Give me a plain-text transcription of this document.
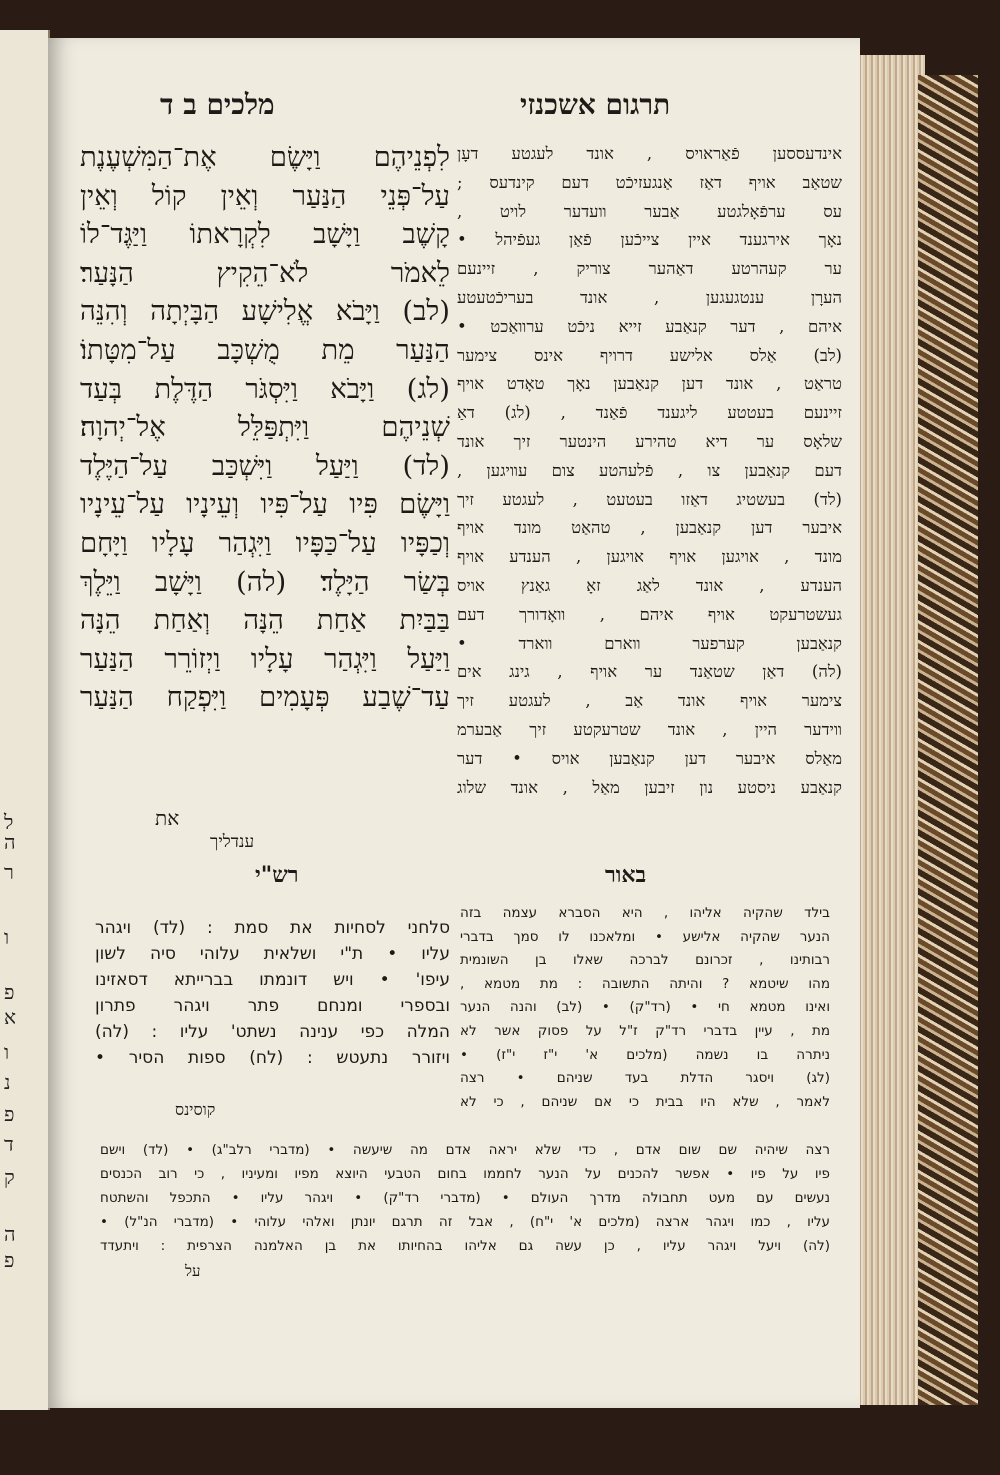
ל
ה
ר
ו
פ
א
ו
נ
פ
ד
ק
ה
פ
מלכים ב ד	תרגום אשכנזי
לִפְנֵיהֶם וַיָּשֶׂם אֶת־הַמִּשְׁעֶנֶת
עַל־פְּנֵי הַנַּעַר וְאֵין קוֹל וְאֵין
קָשֶׁב וַיָּשָׁב לִקְרָאתוֹ וַיַּגֶּד־לוֹ
לֵאמֹר לֹא־הֵקִיץ הַנָּעַר׃
(לב) וַיָּבֹא אֱלִישָׁע הַבָּיְתָה וְהִנֵּה
הַנַּעַר מֵת מֻשְׁכָּב עַל־מִטָּתוֹ׃
(לג) וַיָּבֹא וַיִּסְגֹּר הַדֶּלֶת בְּעַד
שְׁנֵיהֶם וַיִּתְפַּלֵּל אֶל־יְהוָה׃
(לד) וַיַּעַל וַיִּשְׁכַּב עַל־הַיֶּלֶד
וַיָּשֶׂם פִּיו עַל־פִּיו וְעֵינָיו עַל־עֵינָיו
וְכַפָּיו עַל־כַּפָּיו וַיִּגְהַר עָלָיו וַיָּחָם
בְּשַׂר הַיָּלֶד׃ (לה) וַיָּשָׁב וַיֵּלֶךְ
בַּבַּיִת אַחַת הֵנָּה וְאַחַת הֵנָּה
וַיַּעַל וַיִּגְהַר עָלָיו וַיְזוֹרֵר הַנַּעַר
עַד־שֶׁבַע פְּעָמִים וַיִּפְקַח הַנַּעַר
את
אינדעססען פֿאַראויס , אונד לעגטע דעָן
שטאַב אויף דאַז אַנגעזיכֿט דעם קינדעס ;
עס ערפֿאָלגטע אַבער װעדער לויט ,
נאָך אירגענד איין צייכֿען פֿאַן געפֿיהל •
ער קעהרטע דאַהער צוריק , זיינעם
הערָן ענטגעגען , אונד בעריכֿטעטע
איהם , דער קנאַבע זייא ניכֿט ערװאַכט •
(לב) אַלס אלישע דרויף אינס צימער
טראַט , אונד דען קנאַבען נאָך טאָדט אויף
זיינעם בעטטע ליגענד פֿאַנד , (לג) דאַ
שלאָס ער דיא טהירע הינטער זיך אונד
דעם קנאַבען צו , פֿלעהטע צום עװיגען ,
(לד) בעשטיג דאַזו בעטעט , לעגטע זיך
איבער דען קנאַבען , טהאַט מונד אויף
מונד , אויגען אויף אויגען , הענדע אויף
הענדע , אונד לאַג זאָ גאַנץ אויס
געשטרעקט אויף איהם , װאָדורך דעם
קנאַבען קערפער װארם װארד •
(לה) דאַן שטאַנד ער אויף , גינג אים
צימער אויף אונד אַב , לעגטע זיך
װידער היין , אונד שטרעקטע זיך אַבערמ
מאַלס איבער דען קנאַבען אויס • דער
קנאַבע ניסטע נון זיבען מאַל , אונד שלוג
ענדליך
רש"י	באור
סלחני לסחיות את סמת : (לד) ויגהר
עליו • ת"י ושלאית עלוהי סיה לשון
עיפו' • ויש דונמתו בברייתא דסאזינו
ובספרי ומנחם פתר ויגהר פתרון
המלה כפי ענינה נשתט' עליו : (לה)
ויזורר נתעטש : (לח) ספות הסיר •
קוסינס
בילד שהקיה אליהו , היא הסברא עצמה בזה
הנער שהקיה אלישע • ומלאכנו לו סמך בדברי
רבותינו , זכרונם לברכה שאלו בן השונמית
מהו שיטמא ? והיתה התשובה : מת מטמא ,
ואינו מטמא חי • (רד"ק) • (לב) והנה הנער
מת , עיין בדברי רד"ק ז"ל על פסוק אשר לא
ניתרה בו נשמה (מלכים א' י"ז י"ז) •
(לג) ויסגר הדלת בעד שניהם • רצה
לאמר , שלא היו בבית כי אם שניהם , כי לא
רצה שיהיה שם שום אדם , כדי שלא יראה אדם מה שיעשה • (מדברי רלב"ג) • (לד) וישם
פיו על פיו • אפשר להכנים על הנער לחממו בחום הטבעי היוצא מפיו ומעיניו , כי רוב הכנסים
נעשים עם מעט תחבולה מדרך העולם • (מדברי רד"ק) • ויגהר עליו • התכפל והשתטח
עליו , כמו ויגהר ארצה (מלכים א' י"ח) , אבל זה תרגם יונתן ואלהי עלוהי • (מדברי הנ"ל) •
(לה) ויעל ויגהר עליו , כן עשה גם אליהו בהחיותו את בן האלמנה הצרפית : ויתעדד
על
